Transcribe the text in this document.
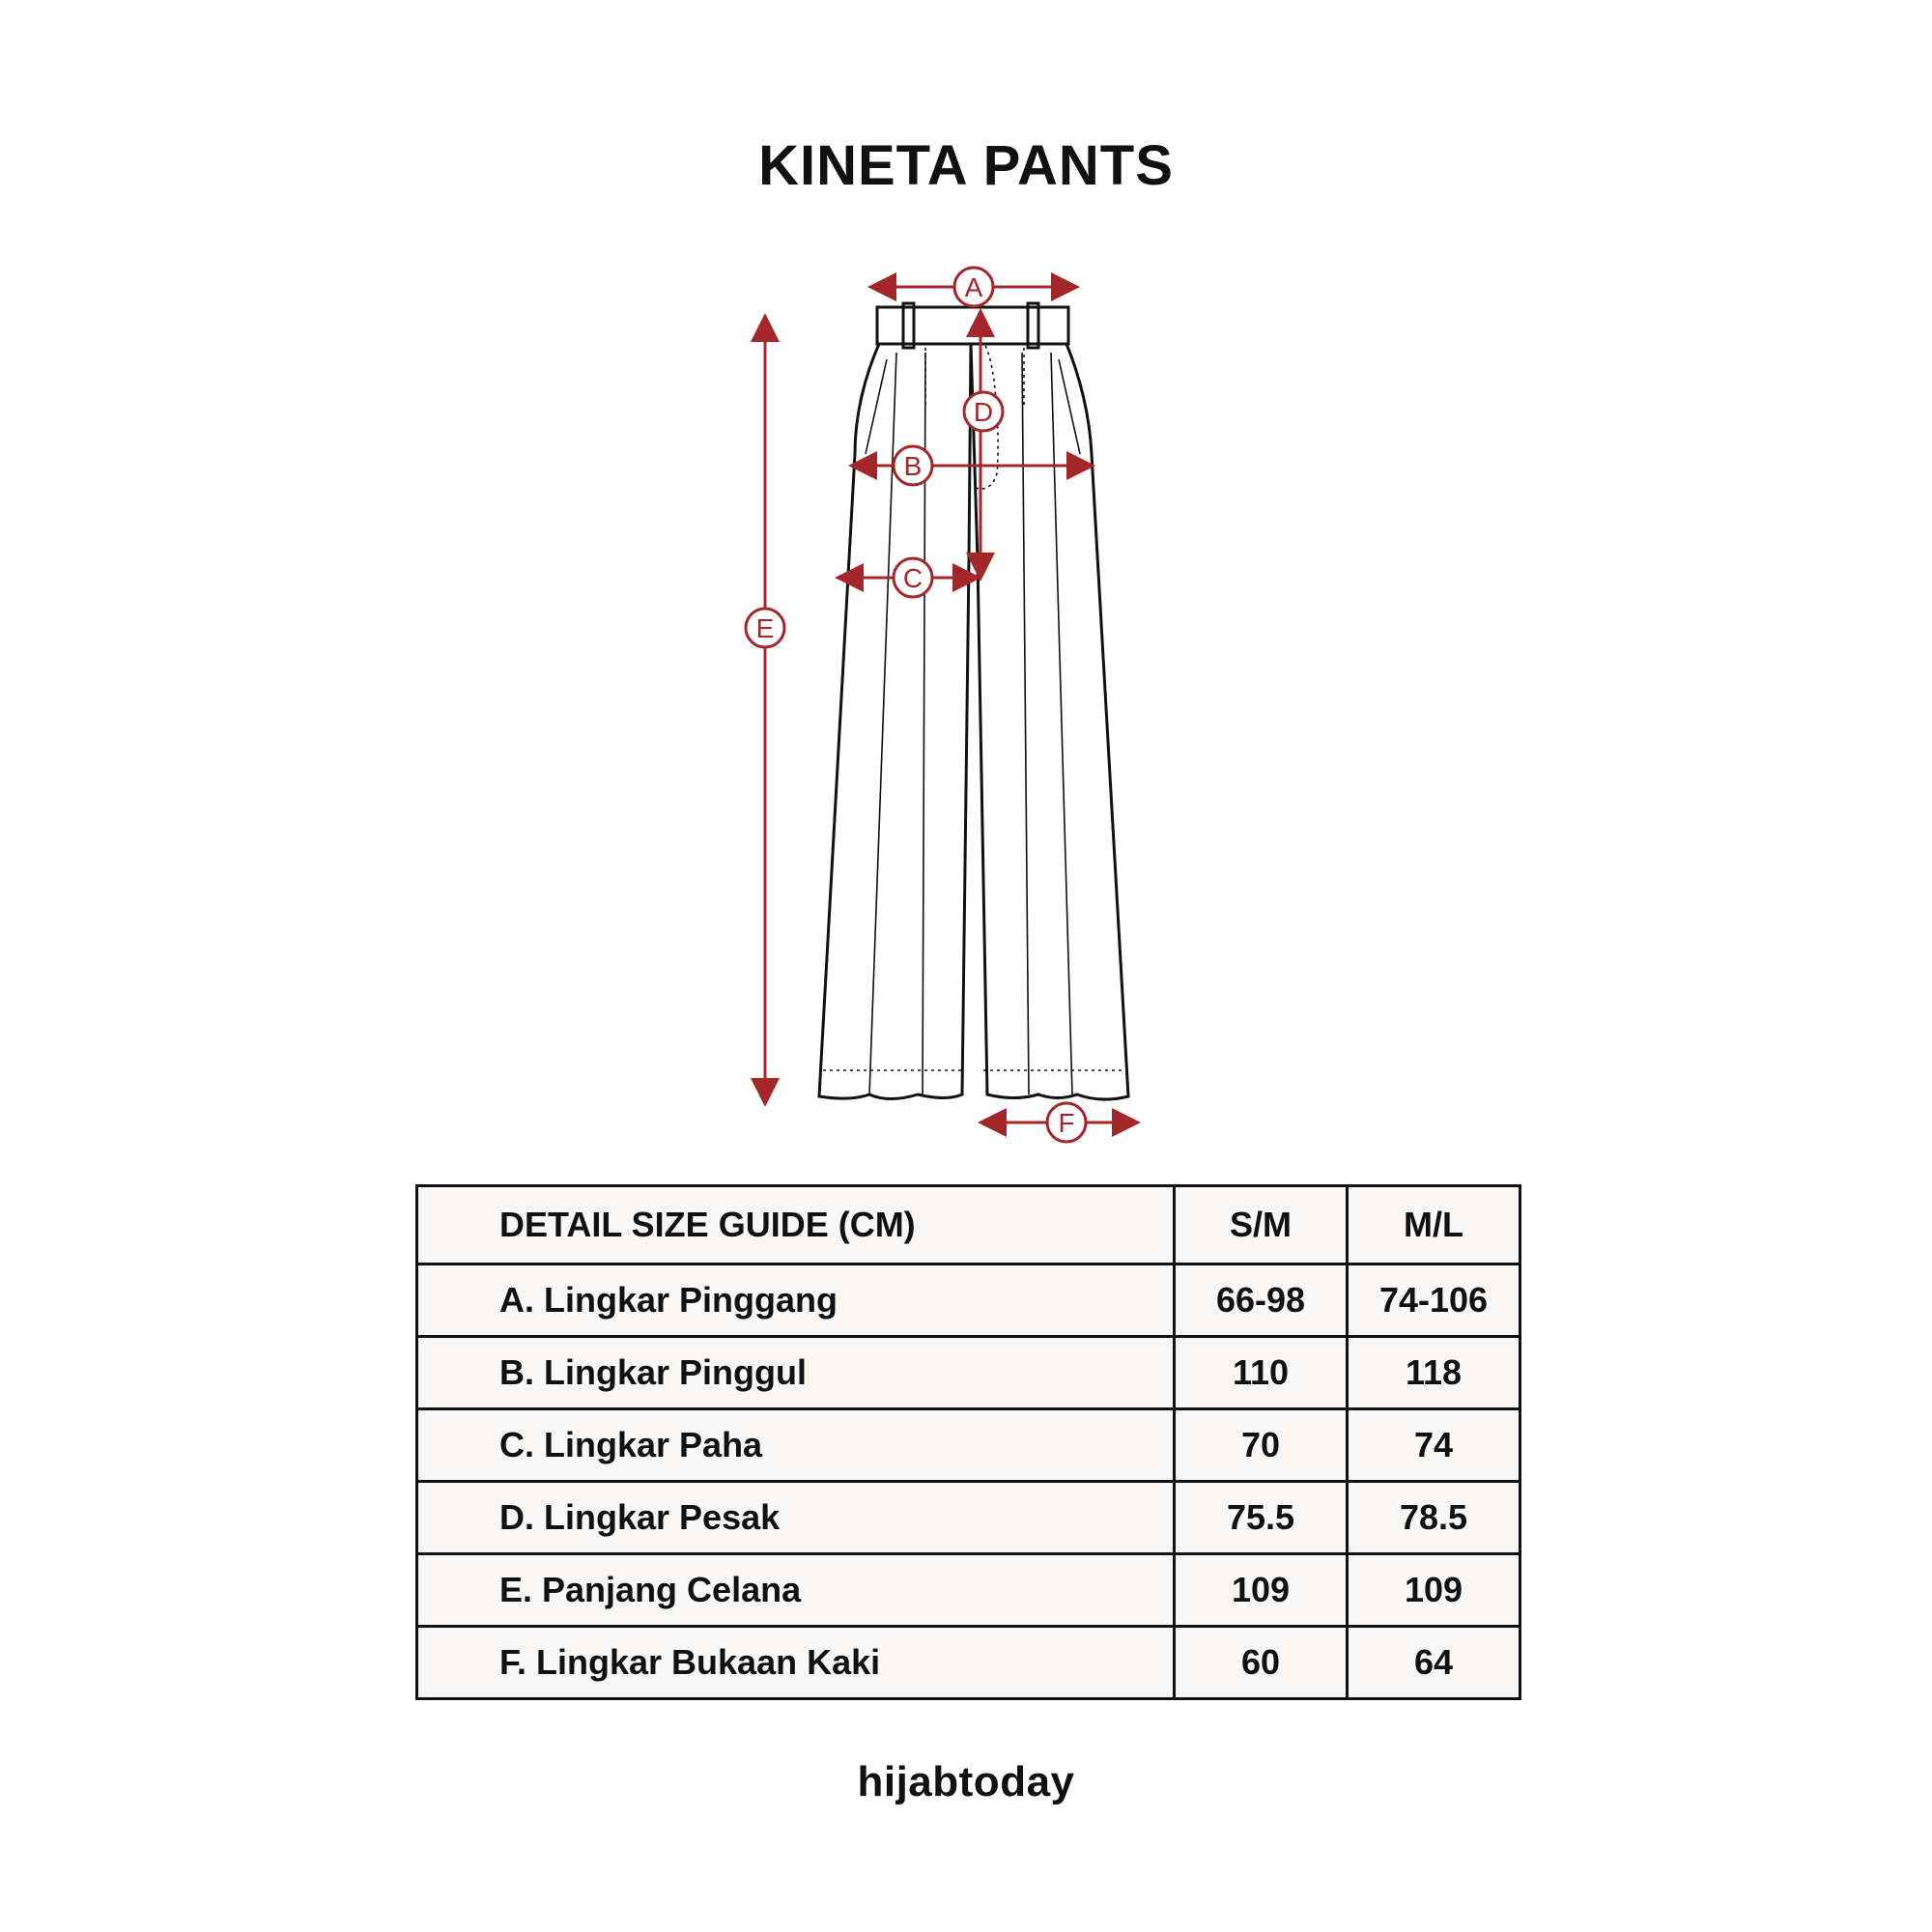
KINETA PANTS
A
B
C
D
E
F
DETAIL SIZE GUIDE (CM)	S/M	M/L
A. Lingkar Pinggang	66-98	74-106
B. Lingkar Pinggul	110	118
C. Lingkar Paha	70	74
D. Lingkar Pesak	75.5	78.5
E. Panjang Celana	109	109
F. Lingkar Bukaan Kaki	60	64
hijabtoday
